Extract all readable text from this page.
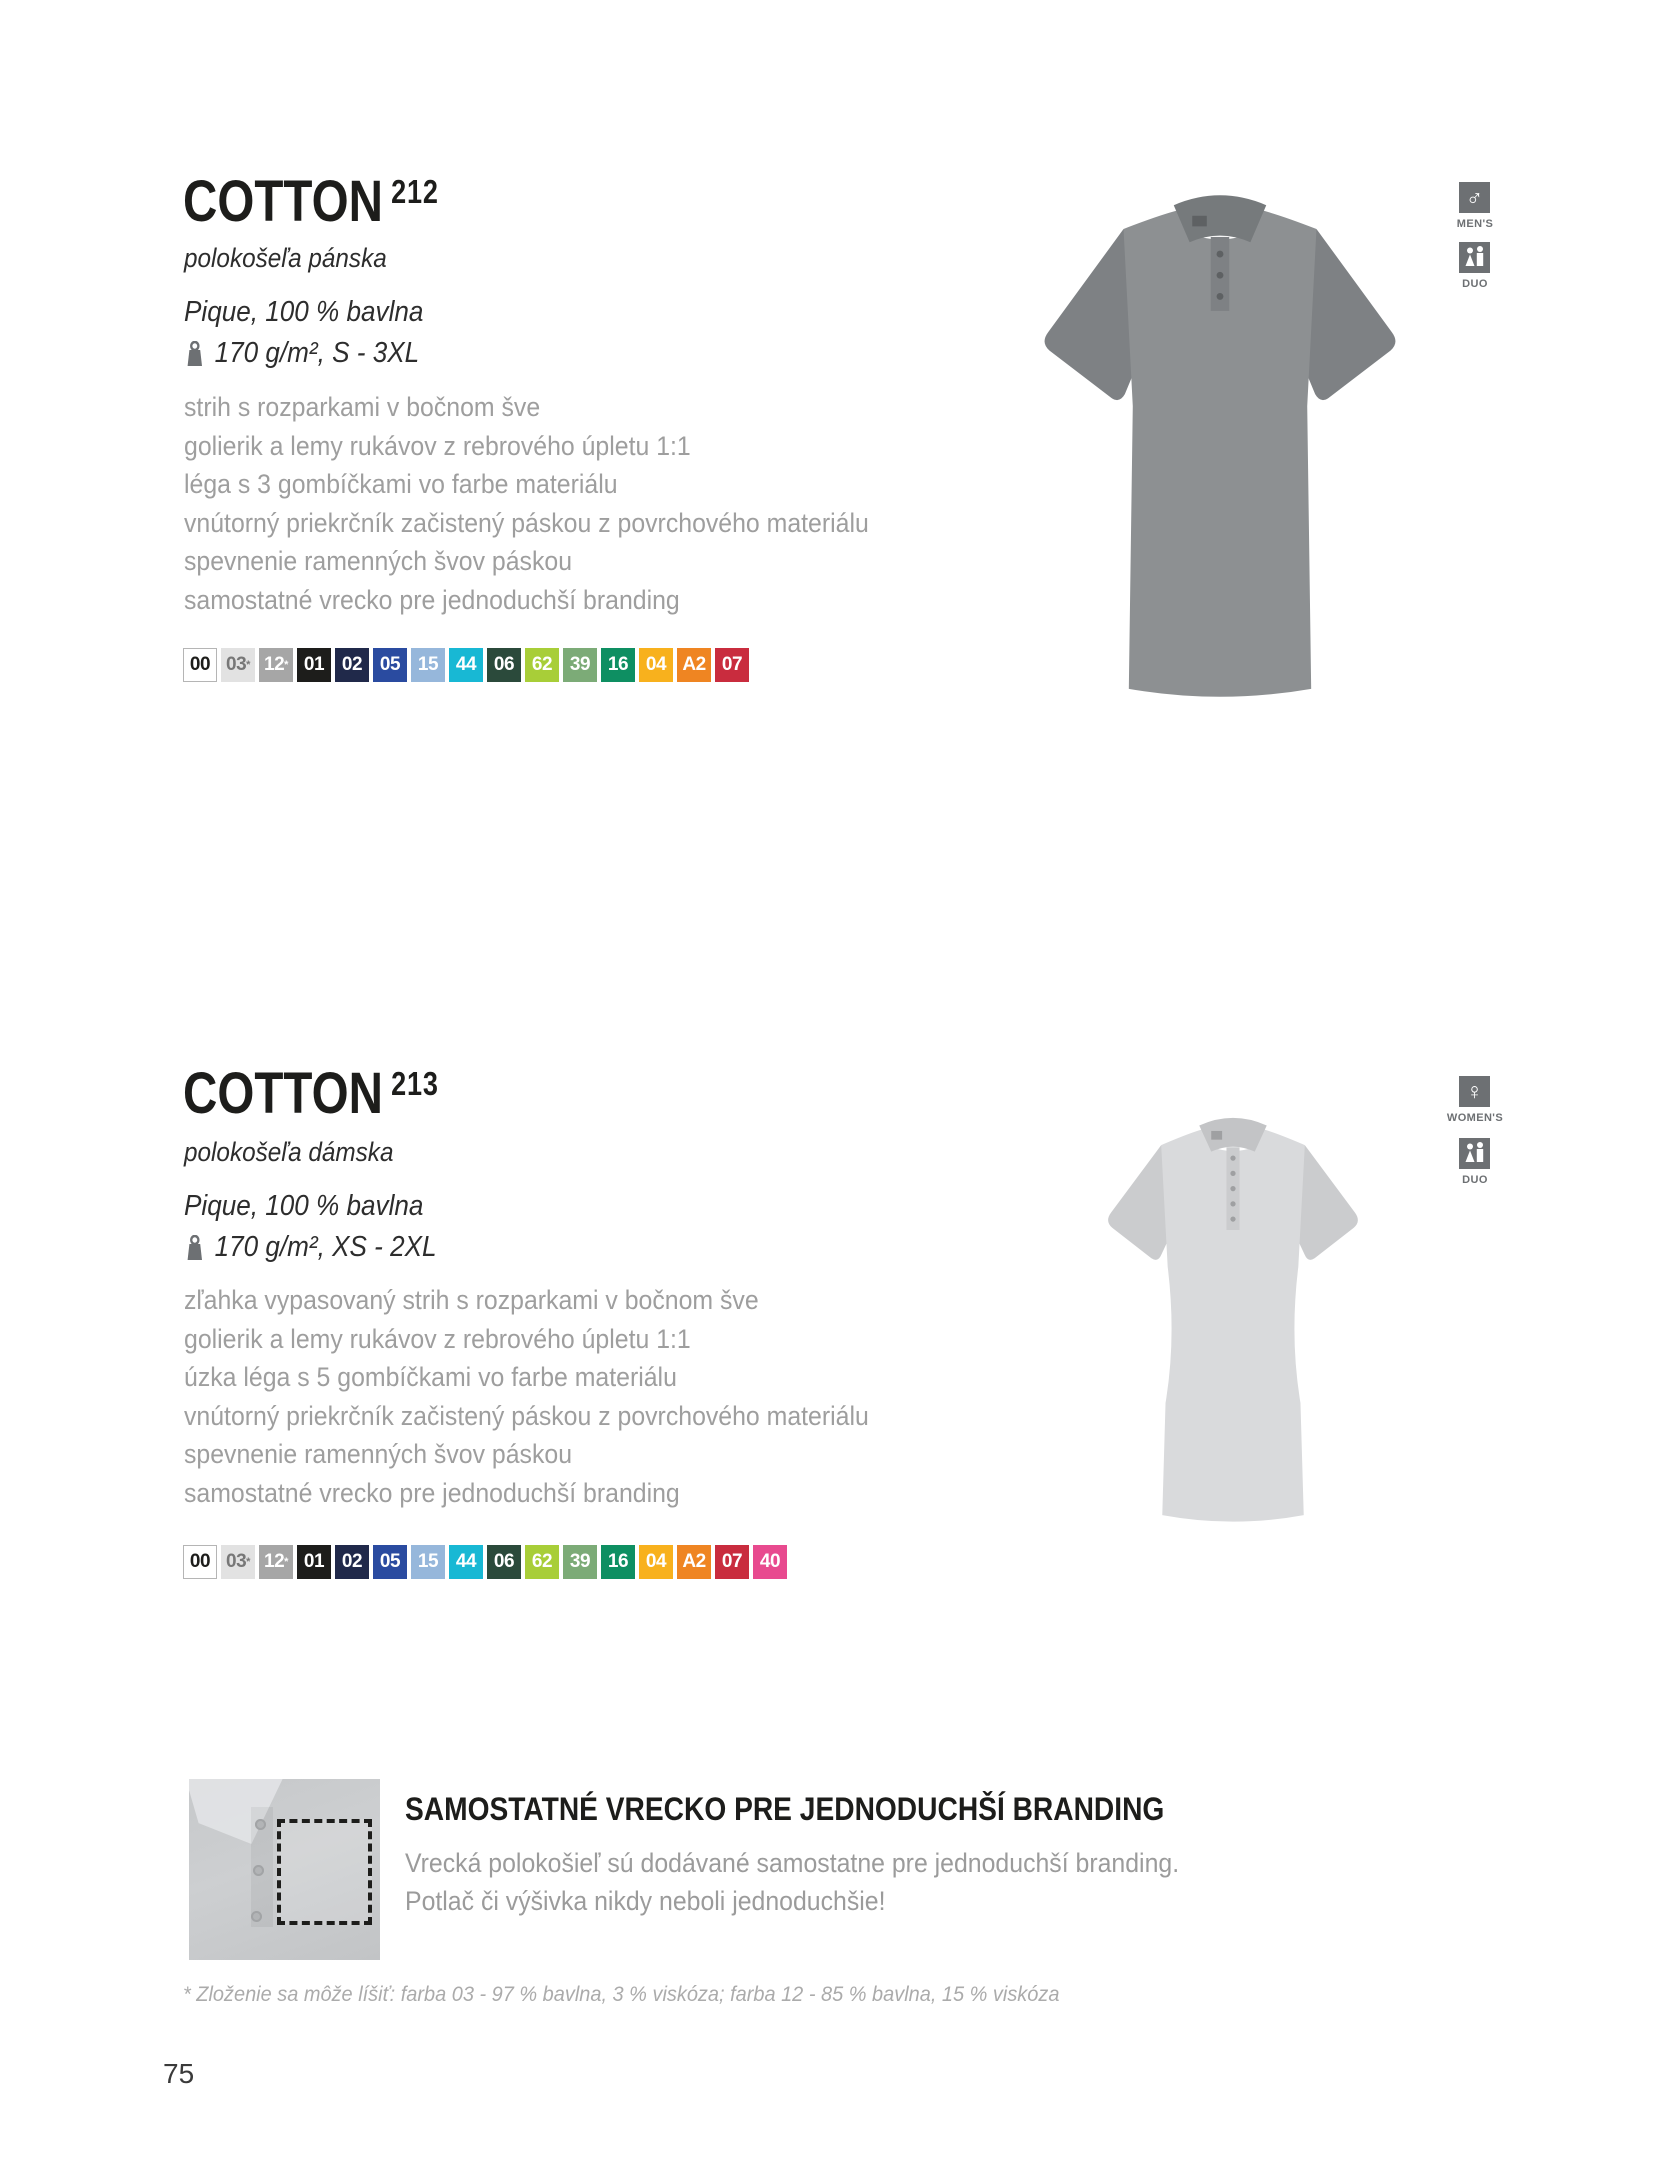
COTTON $^{212}$
polokošeľa pánska
Pique, 100 % bavlna
170 g/m², S - 3XL
strih s rozparkami v bočnom šve
golierik a lemy rukávov z rebrového úpletu 1:1
léga s 3 gombíčkami vo farbe materiálu
vnútorný priekrčník začistený páskou z povrchového materiálu
spevnenie ramenných švov páskou
samostatné vrecko pre jednoduchší branding
00 03 * 12 * 01 02 05 15 44 06 62 39 16 04 A2 07
♂
MEN'S
DUO
COTTON $^{213}$
polokošeľa dámska
Pique, 100 % bavlna
170 g/m², XS - 2XL
zľahka vypasovaný strih s rozparkami v bočnom šve
golierik a lemy rukávov z rebrového úpletu 1:1
úzka léga s 5 gombíčkami vo farbe materiálu
vnútorný priekrčník začistený páskou z povrchového materiálu
spevnenie ramenných švov páskou
samostatné vrecko pre jednoduchší branding
00 03 * 12 * 01 02 05 15 44 06 62 39 16 04 A2 07 40
♀
WOMEN'S
DUO
SAMOSTATNÉ VRECKO PRE JEDNODUCHŠÍ BRANDING
Vrecká polokošieľ sú dodávané samostatne pre jednoduchší branding.
Potlač či výšivka nikdy neboli jednoduchšie!
* Zloženie sa môže líšiť: farba 03 - 97 % bavlna, 3 % viskóza; farba 12 - 85 % bavlna, 15 % viskóza
75
